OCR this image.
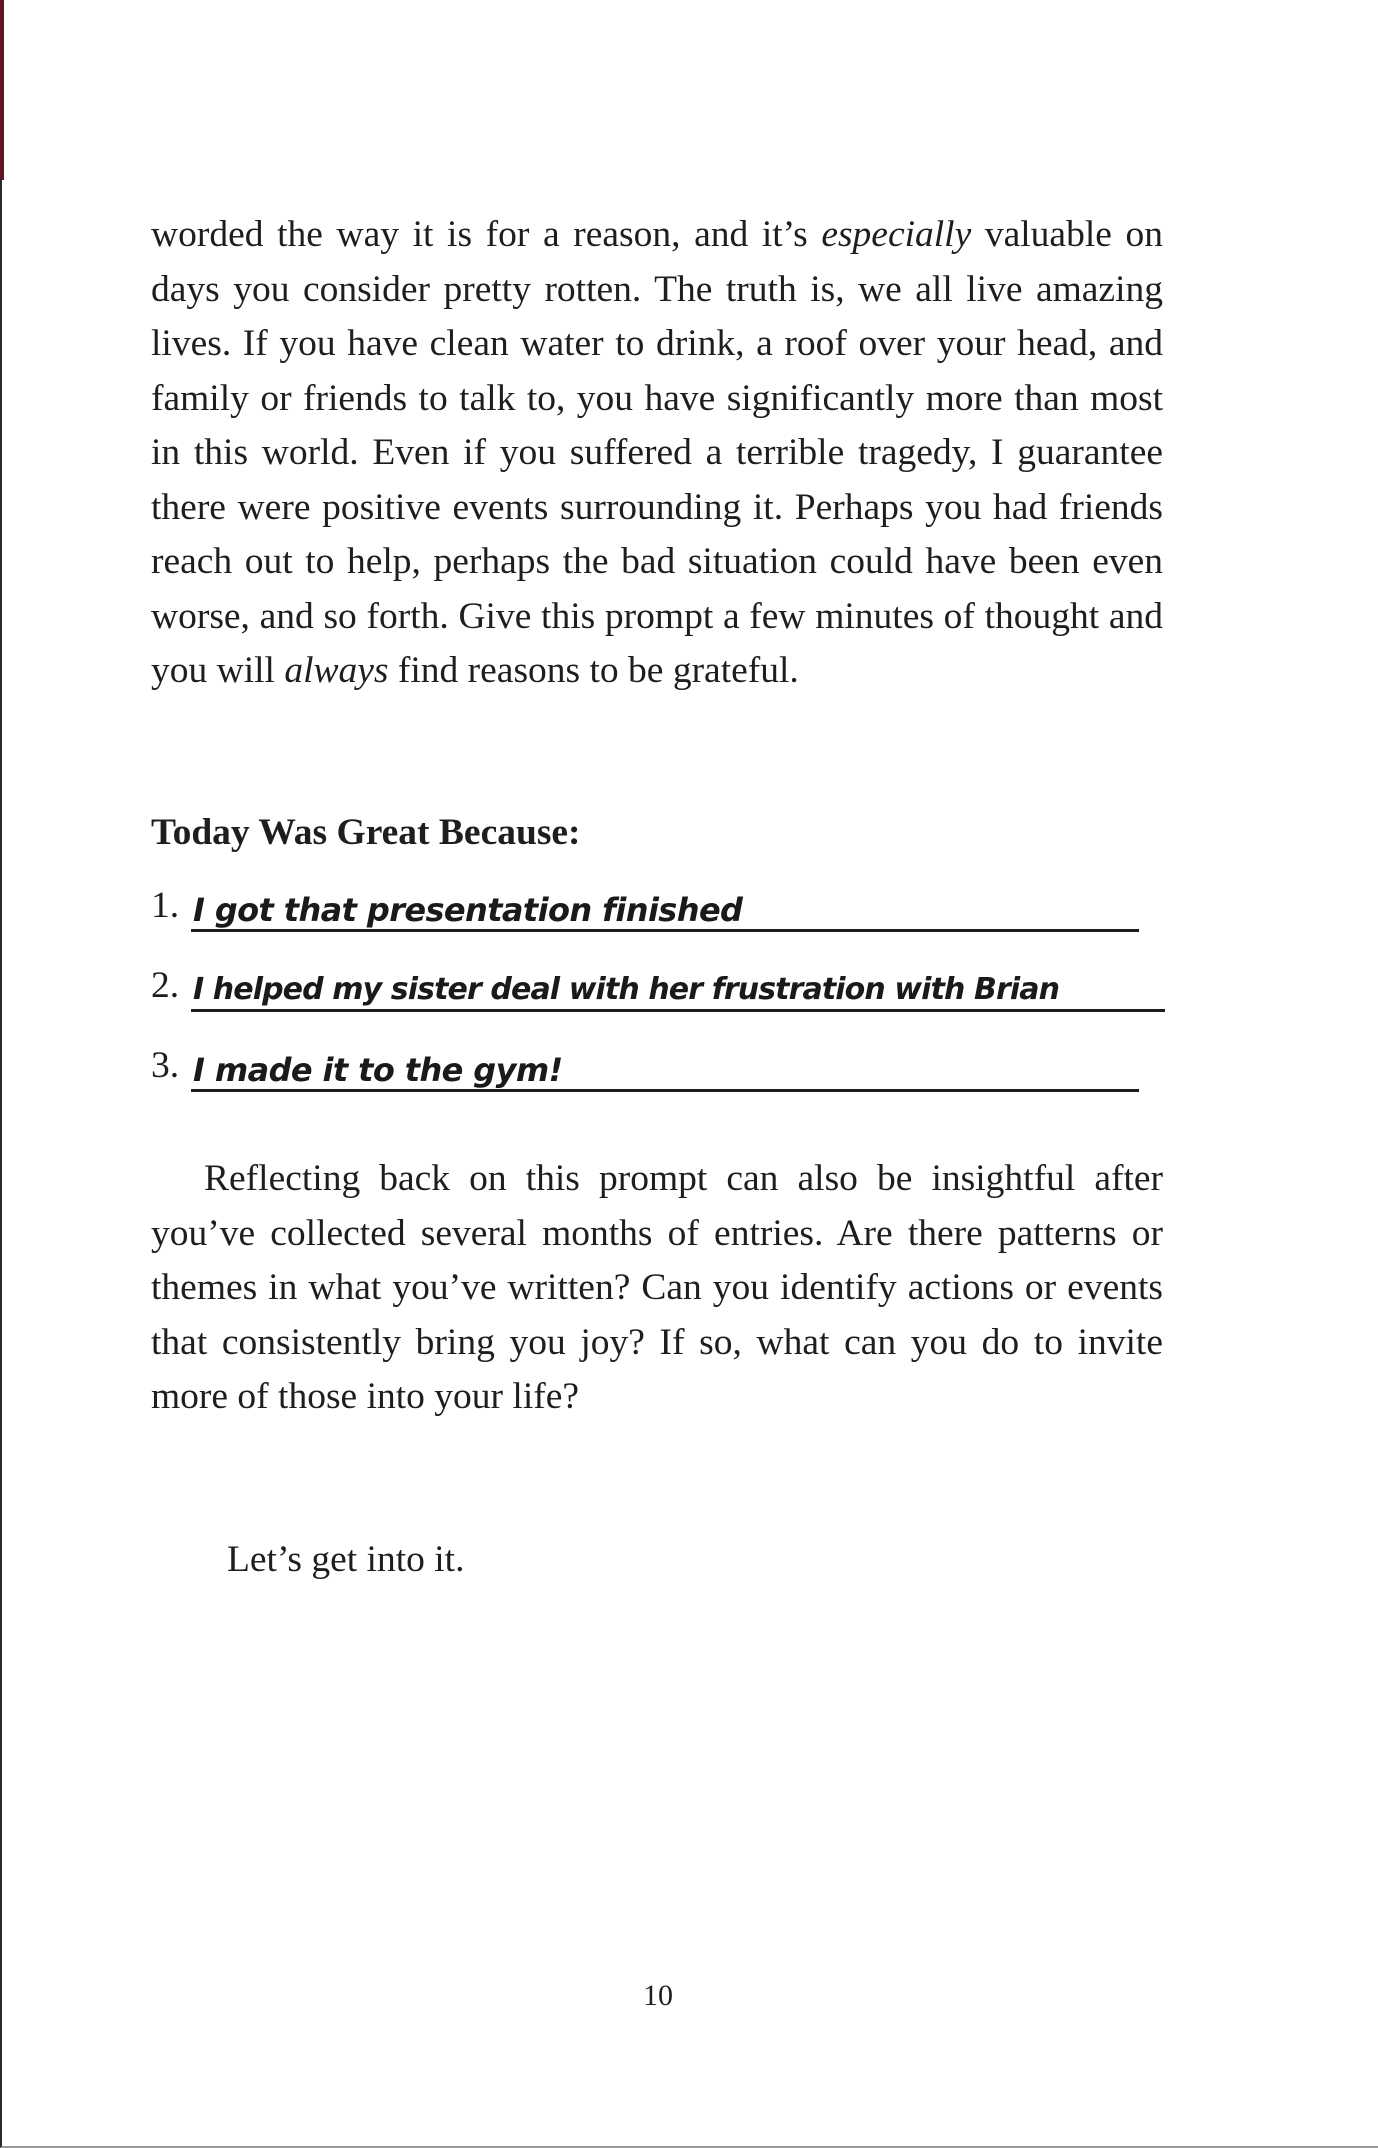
worded the way it is for a reason, and it’s especially valuable on days you consider pretty rotten. The truth is, we all live amazing lives. If you have clean water to drink, a roof over your head, and family or friends to talk to, you have significantly more than most in this world. Even if you suffered a terrible tragedy, I guarantee there were positive events surrounding it. Perhaps you had friends reach out to help, perhaps the bad situation could have been even worse, and so forth. Give this prompt a few minutes of thought and you will always find reasons to be grateful.

Today Was Great Because:
1. I got that presentation finished
2. I helped my sister deal with her frustration with Brian
3. I made it to the gym!

Reflecting back on this prompt can also be insightful after you’ve collected several months of entries. Are there patterns or themes in what you’ve written? Can you identify actions or events that consistently bring you joy? If so, what can you do to invite more of those into your life?

Let’s get into it.

10
